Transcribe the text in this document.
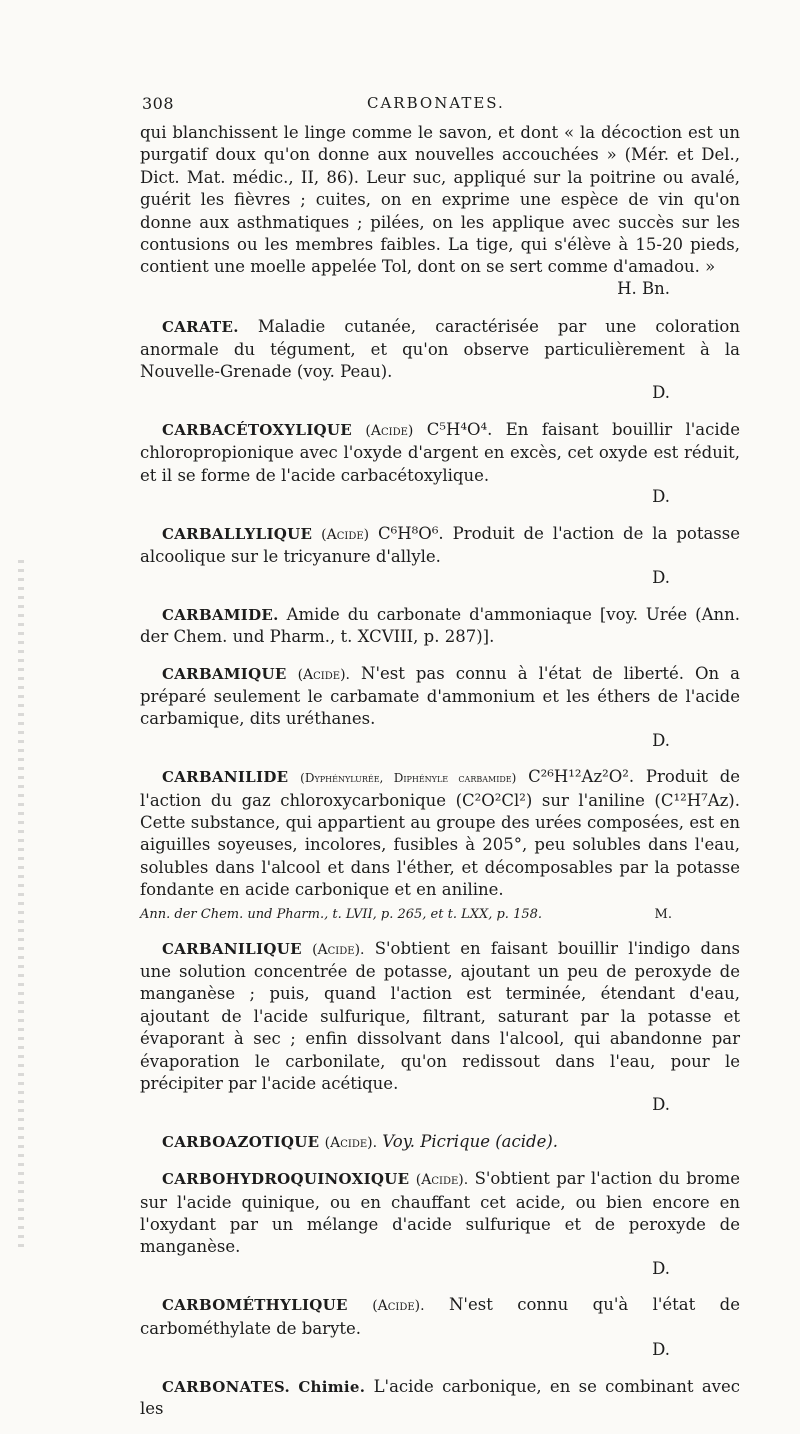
308	CARBONATES.

qui blanchissent le linge comme le savon, et dont « la décoction est un purgatif doux qu'on donne aux nouvelles accouchées » (Mér. et Del., Dict. Mat. médic., II, 86). Leur suc, appliqué sur la poitrine ou avalé, guérit les fièvres ; cuites, on en exprime une espèce de vin qu'on donne aux asthmatiques ; pilées, on les applique avec succès sur les contusions ou les membres faibles. La tige, qui s'élève à 15-20 pieds, contient une moelle appelée Tol, dont on se sert comme d'amadou. »
H. Bn.

CARATE. Maladie cutanée, caractérisée par une coloration anormale du tégument, et qu'on observe particulièrement à la Nouvelle-Grenade (voy. Peau).
D.

CARBACÉTOXYLIQUE (Acide) C⁵H⁴O⁴. En faisant bouillir l'acide chloropropionique avec l'oxyde d'argent en excès, cet oxyde est réduit, et il se forme de l'acide carbacétoxylique.
D.

CARBALLYLIQUE (Acide) C⁶H⁸O⁶. Produit de l'action de la potasse alcoolique sur le tricyanure d'allyle.
D.

CARBAMIDE. Amide du carbonate d'ammoniaque [voy. Urée (Ann. der Chem. und Pharm., t. XCVIII, p. 287)].

CARBAMIQUE (Acide). N'est pas connu à l'état de liberté. On a préparé seulement le carbamate d'ammonium et les éthers de l'acide carbamique, dits uréthanes.
D.

CARBANILIDE (Dyphénylurée, Diphényle carbamide) C²⁶H¹²Az²O². Produit de l'action du gaz chloroxycarbonique (C²O²Cl²) sur l'aniline (C¹²H⁷Az). Cette substance, qui appartient au groupe des urées composées, est en aiguilles soyeuses, incolores, fusibles à 205°, peu solubles dans l'eau, solubles dans l'alcool et dans l'éther, et décomposables par la potasse fondante en acide carbonique et en aniline.

Ann. der Chem. und Pharm., t. LVII, p. 265, et t. LXX, p. 158.	M.

CARBANILIQUE (Acide). S'obtient en faisant bouillir l'indigo dans une solution concentrée de potasse, ajoutant un peu de peroxyde de manganèse ; puis, quand l'action est terminée, étendant d'eau, ajoutant de l'acide sulfurique, filtrant, saturant par la potasse et évaporant à sec ; enfin dissolvant dans l'alcool, qui abandonne par évaporation le carbonilate, qu'on redissout dans l'eau, pour le précipiter par l'acide acétique.
D.

CARBOAZOTIQUE (Acide). Voy. Picrique (acide).

CARBOHYDROQUINOXIQUE (Acide). S'obtient par l'action du brome sur l'acide quinique, ou en chauffant cet acide, ou bien encore en l'oxydant par un mélange d'acide sulfurique et de peroxyde de manganèse.
D.

CARBOMÉTHYLIQUE (Acide). N'est connu qu'à l'état de carbométhylate de baryte.
D.

CARBONATES. Chimie. L'acide carbonique, en se combinant avec les
